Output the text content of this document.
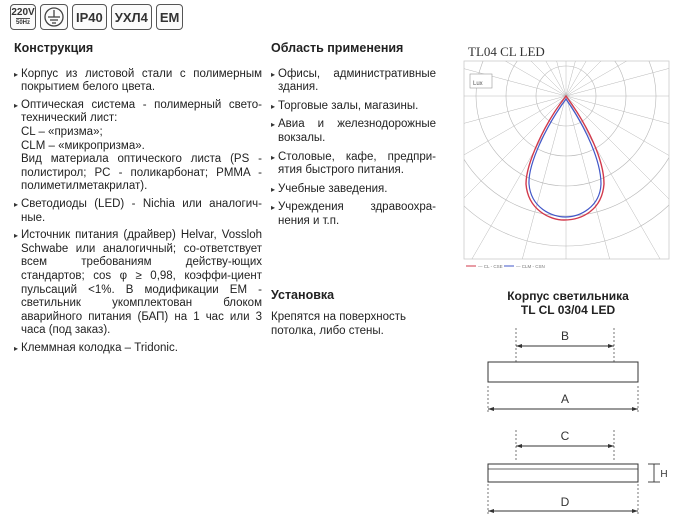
220V
50Hz	IP40 УХЛ4 EM
Конструкция

▸ Корпус из листовой стали с полимерным покрытием белого цвета.

▸ Оптическая система - полимерный свето-технический лист:

CL – «призма»;

CLM – «микропризма».

Вид материала оптического листа (PS - полистирол; PC - поликарбонат; PMMA - полиметилметакрилат).

▸ Светодиоды (LED) - Nichia или аналогич-ные.

▸ Источник питания (драйвер) Helvar, Vossloh Schwabe или аналогичный; со-ответствует всем требованиям действу-ющих стандартов; cos φ ≥ 0,98, коэффи-циент пульсаций <1%. В модификации EM - светильник укомплектован блоком аварийного питания (БАП) на 1 час или 3 часа (под заказ).

▸ Клеммная колодка – Tridonic.

Область применения
▸ Офисы, административные здания.
▸ Торговые залы, магазины.
▸ Авиа и железнодорожные вокзалы.
▸ Столовые, кафе, предпри-ятия быстрого питания.
▸ Учебные заведения.
▸ Учреждения здравоохра-нения и т.п.
Установка

Крепятся на поверхность потолка, либо стены.

TL04 CL LED
Lux
— CL - CSE	— CLM - CSN
Корпус светильника
TL CL 03/04 LED
B
A
C
D
H
